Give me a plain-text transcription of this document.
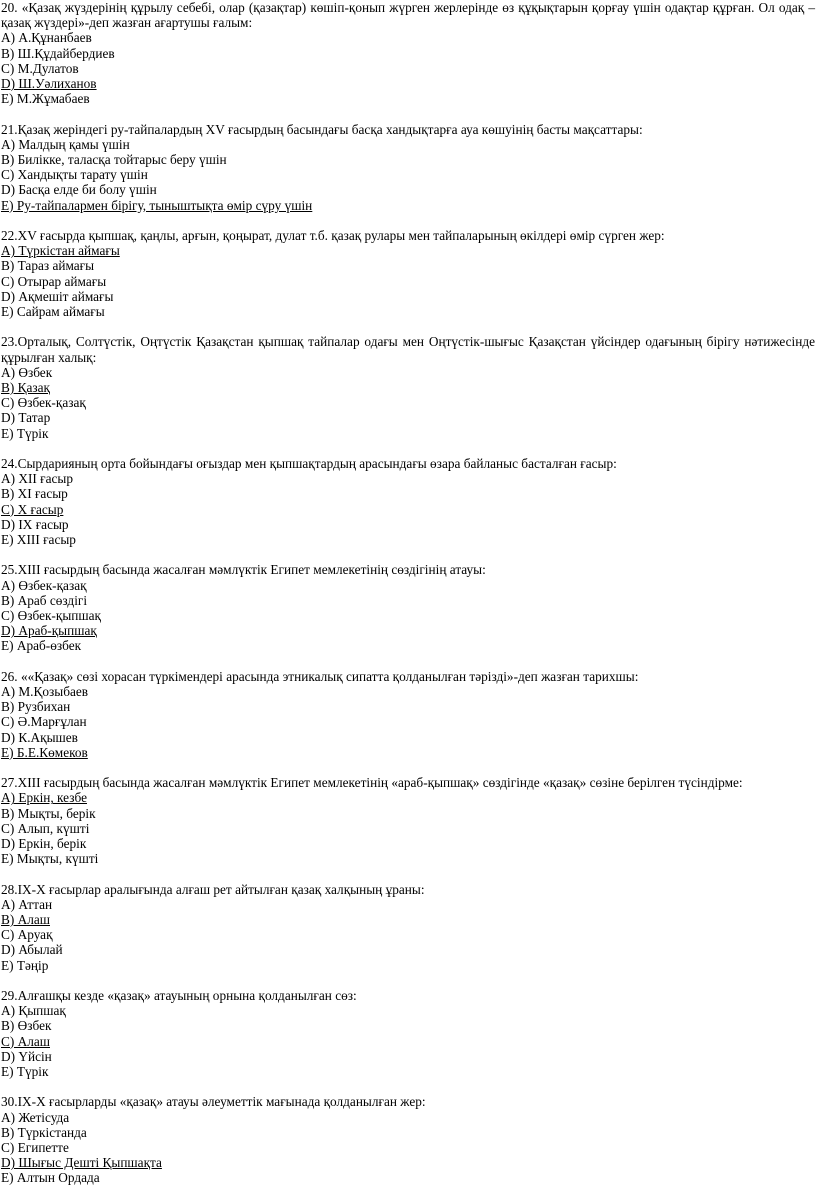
20. «Қазақ жүздерінің құрылу себебі, олар (қазақтар) көшіп-қонып жүрген жерлерінде өз құқықтарын қорғау үшін одақтар құрған. Ол одақ – қазақ жүздері»-деп жазған ағартушы ғалым:

A) А.Құнанбаев
B) Ш.Құдайбердиев
C) М.Дулатов
D) Ш.Уәлиханов
E) М.Жұмабаев

21.Қазақ жеріндегі ру-тайпалардың XV ғасырдың басындағы басқа хандықтарға ауа көшуінің басты мақсаттары:

A) Малдың қамы үшін
B) Билікке, таласқа тойтарыс беру үшін
C) Хандықты тарату үшін
D) Басқа елде би болу үшін
E) Ру-тайпалармен бірігу, тыныштықта өмір сүру үшін

22.XV ғасырда қыпшақ, қаңлы, арғын, қоңырат, дулат т.б. қазақ рулары мен тайпаларының өкілдері өмір сүрген жер:

A) Түркістан аймағы
B) Тараз аймағы
C) Отырар аймағы
D) Ақмешіт аймағы
E) Сайрам аймағы

23.Орталық, Солтүстік, Оңтүстік Қазақстан қыпшақ тайпалар одағы мен Оңтүстік-шығыс Қазақстан үйсіндер одағының бірігу нәтижесінде құрылған халық:

A) Өзбек
B) Қазақ
C) Өзбек-қазақ
D) Татар
E) Түрік

24.Сырдарияның орта бойындағы оғыздар мен қыпшақтардың арасындағы өзара байланыс басталған ғасыр:

A) XII ғасыр
B) XI ғасыр
C) X ғасыр
D) IX ғасыр
E) XIII ғасыр

25.XIII ғасырдың басында жасалған мәмлүктік Египет мемлекетінің сөздігінің атауы:

A) Өзбек-қазақ
B) Араб сөздігі
C) Өзбек-қыпшақ
D) Араб-қыпшақ
E) Араб-өзбек

26. ««Қазақ» сөзі хорасан түркімендері арасында этникалық сипатта қолданылған тәрізді»-деп жазған тарихшы:

A) М.Қозыбаев
B) Рузбихан
C) Ә.Марғұлан
D) К.Ақышев
E) Б.Е.Көмеков

27.XIII ғасырдың басында жасалған мәмлүктік Египет мемлекетінің «араб-қыпшақ» сөздігінде «қазақ» сөзіне берілген түсіндірме:

A) Еркін, кезбе
B) Мықты, берік
C) Алып, күшті
D) Еркін, берік
E) Мықты, күшті

28.IX-X ғасырлар аралығында алғаш рет айтылған қазақ халқының ұраны:

A) Аттан
B) Алаш
C) Аруақ
D) Абылай
E) Тәңір

29.Алғашқы кезде «қазақ» атауының орнына қолданылған сөз:

A) Қыпшақ
B) Өзбек
C) Алаш
D) Үйсін
E) Түрік

30.IX-X ғасырларды «қазақ» атауы әлеуметтік мағынада қолданылған жер:

A) Жетісуда
B) Түркістанда
C) Египетте
D) Шығыс Дешті Қыпшақта
E) Алтын Ордада
